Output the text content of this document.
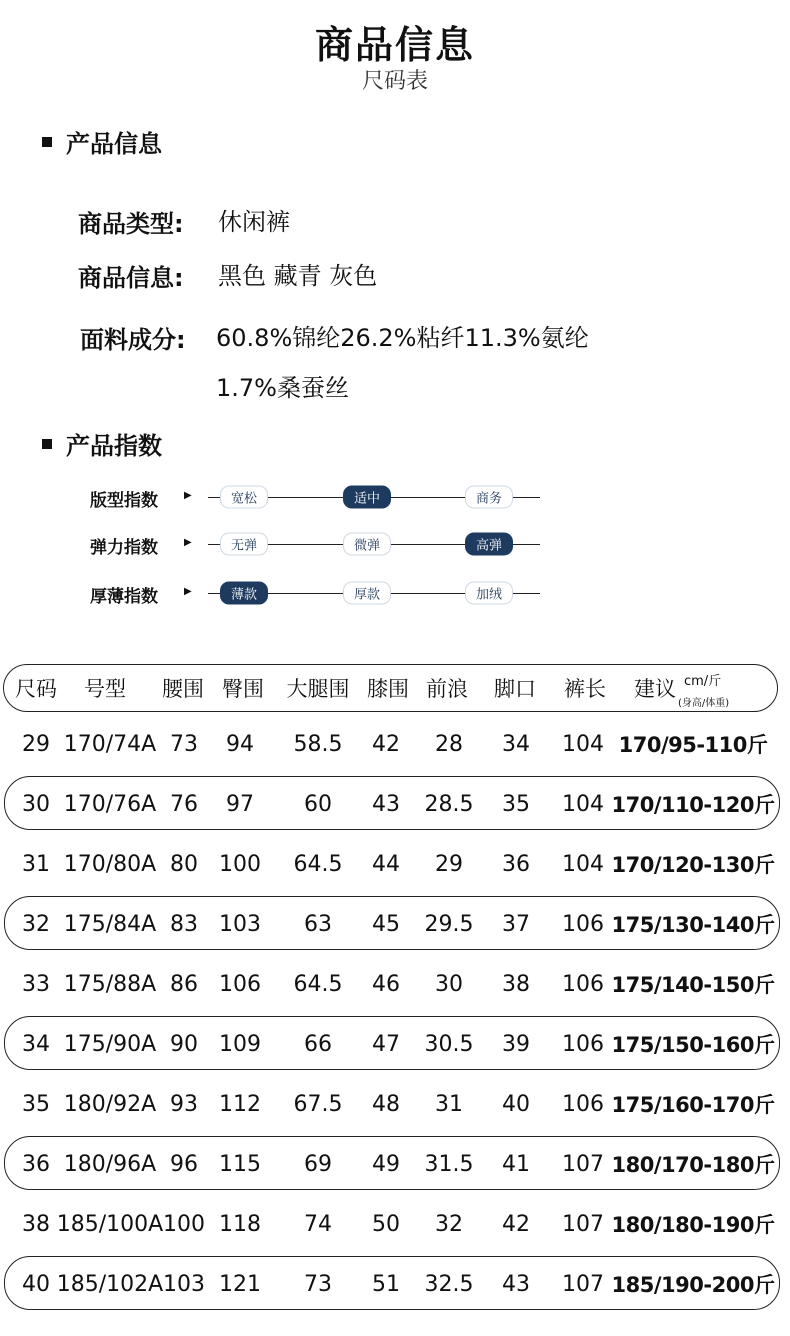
商品信息
尺码表
产品信息
商品类型: 休闲裤
商品信息: 黑色 藏青 灰色
面料成分: 60.8%锦纶26.2%粘纤11.3%氨纶
1.7%桑蚕丝
产品指数
版型指数	▶	宽松	适中	商务
弹力指数	▶	无弹	微弹	高弹
厚薄指数	▶	薄款	厚款	加绒
尺码	号型	腰围 臀围	大腿围 膝围 前浪	脚口	裤长	建议 cm/斤
(身高/体重)
29 170/74A 73	94	58.5	42	28	34	104 170/95-110斤
30 170/76A 76	97	60	43	28.5	35	104 170/110-120斤
31 170/80A 80 100	64.5	44	29	36	104 170/120-130斤
32 175/84A 83 103	63	45	29.5	37	106 175/130-140斤
33 175/88A 86 106	64.5	46	30	38	106 175/140-150斤
34 175/90A 90 109	66	47	30.5	39	106 175/150-160斤
35 180/92A 93 112	67.5	48	31	40	106 175/160-170斤
36 180/96A 96 115	69	49	31.5	41	107 180/170-180斤
38 185/100A 100 118	74	50	32	42	107 180/180-190斤
40 185/102A 103 121	73	51	32.5	43	107 185/190-200斤
